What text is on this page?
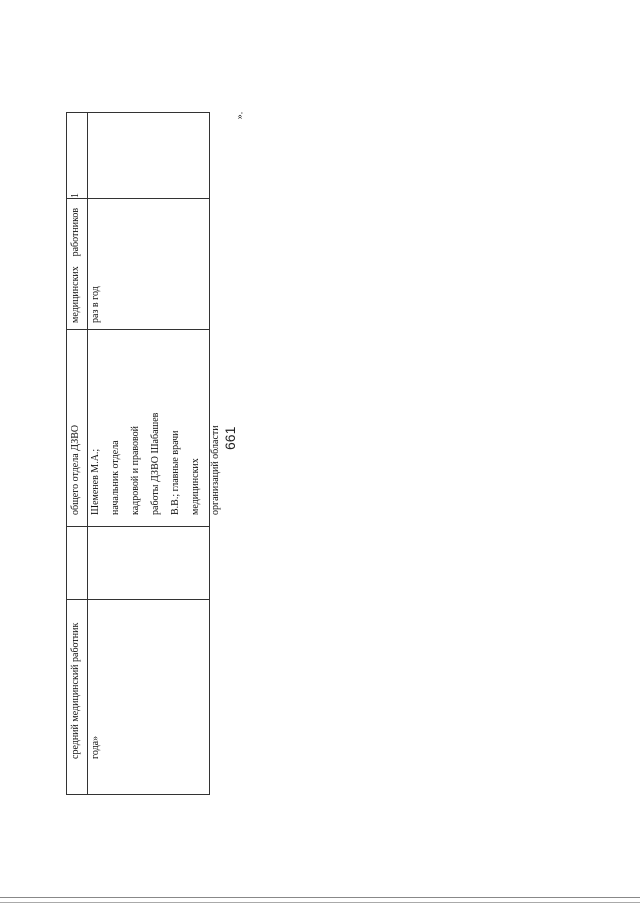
661
средний медицинский работник года»
общего отдела ДЗВО Шеменев М.А.; начальник отдела кадровой и правовой работы ДЗВО Шабашев В.В.; главные врачи медицинских организаций области
медицинских работников 1 раз в год
».
